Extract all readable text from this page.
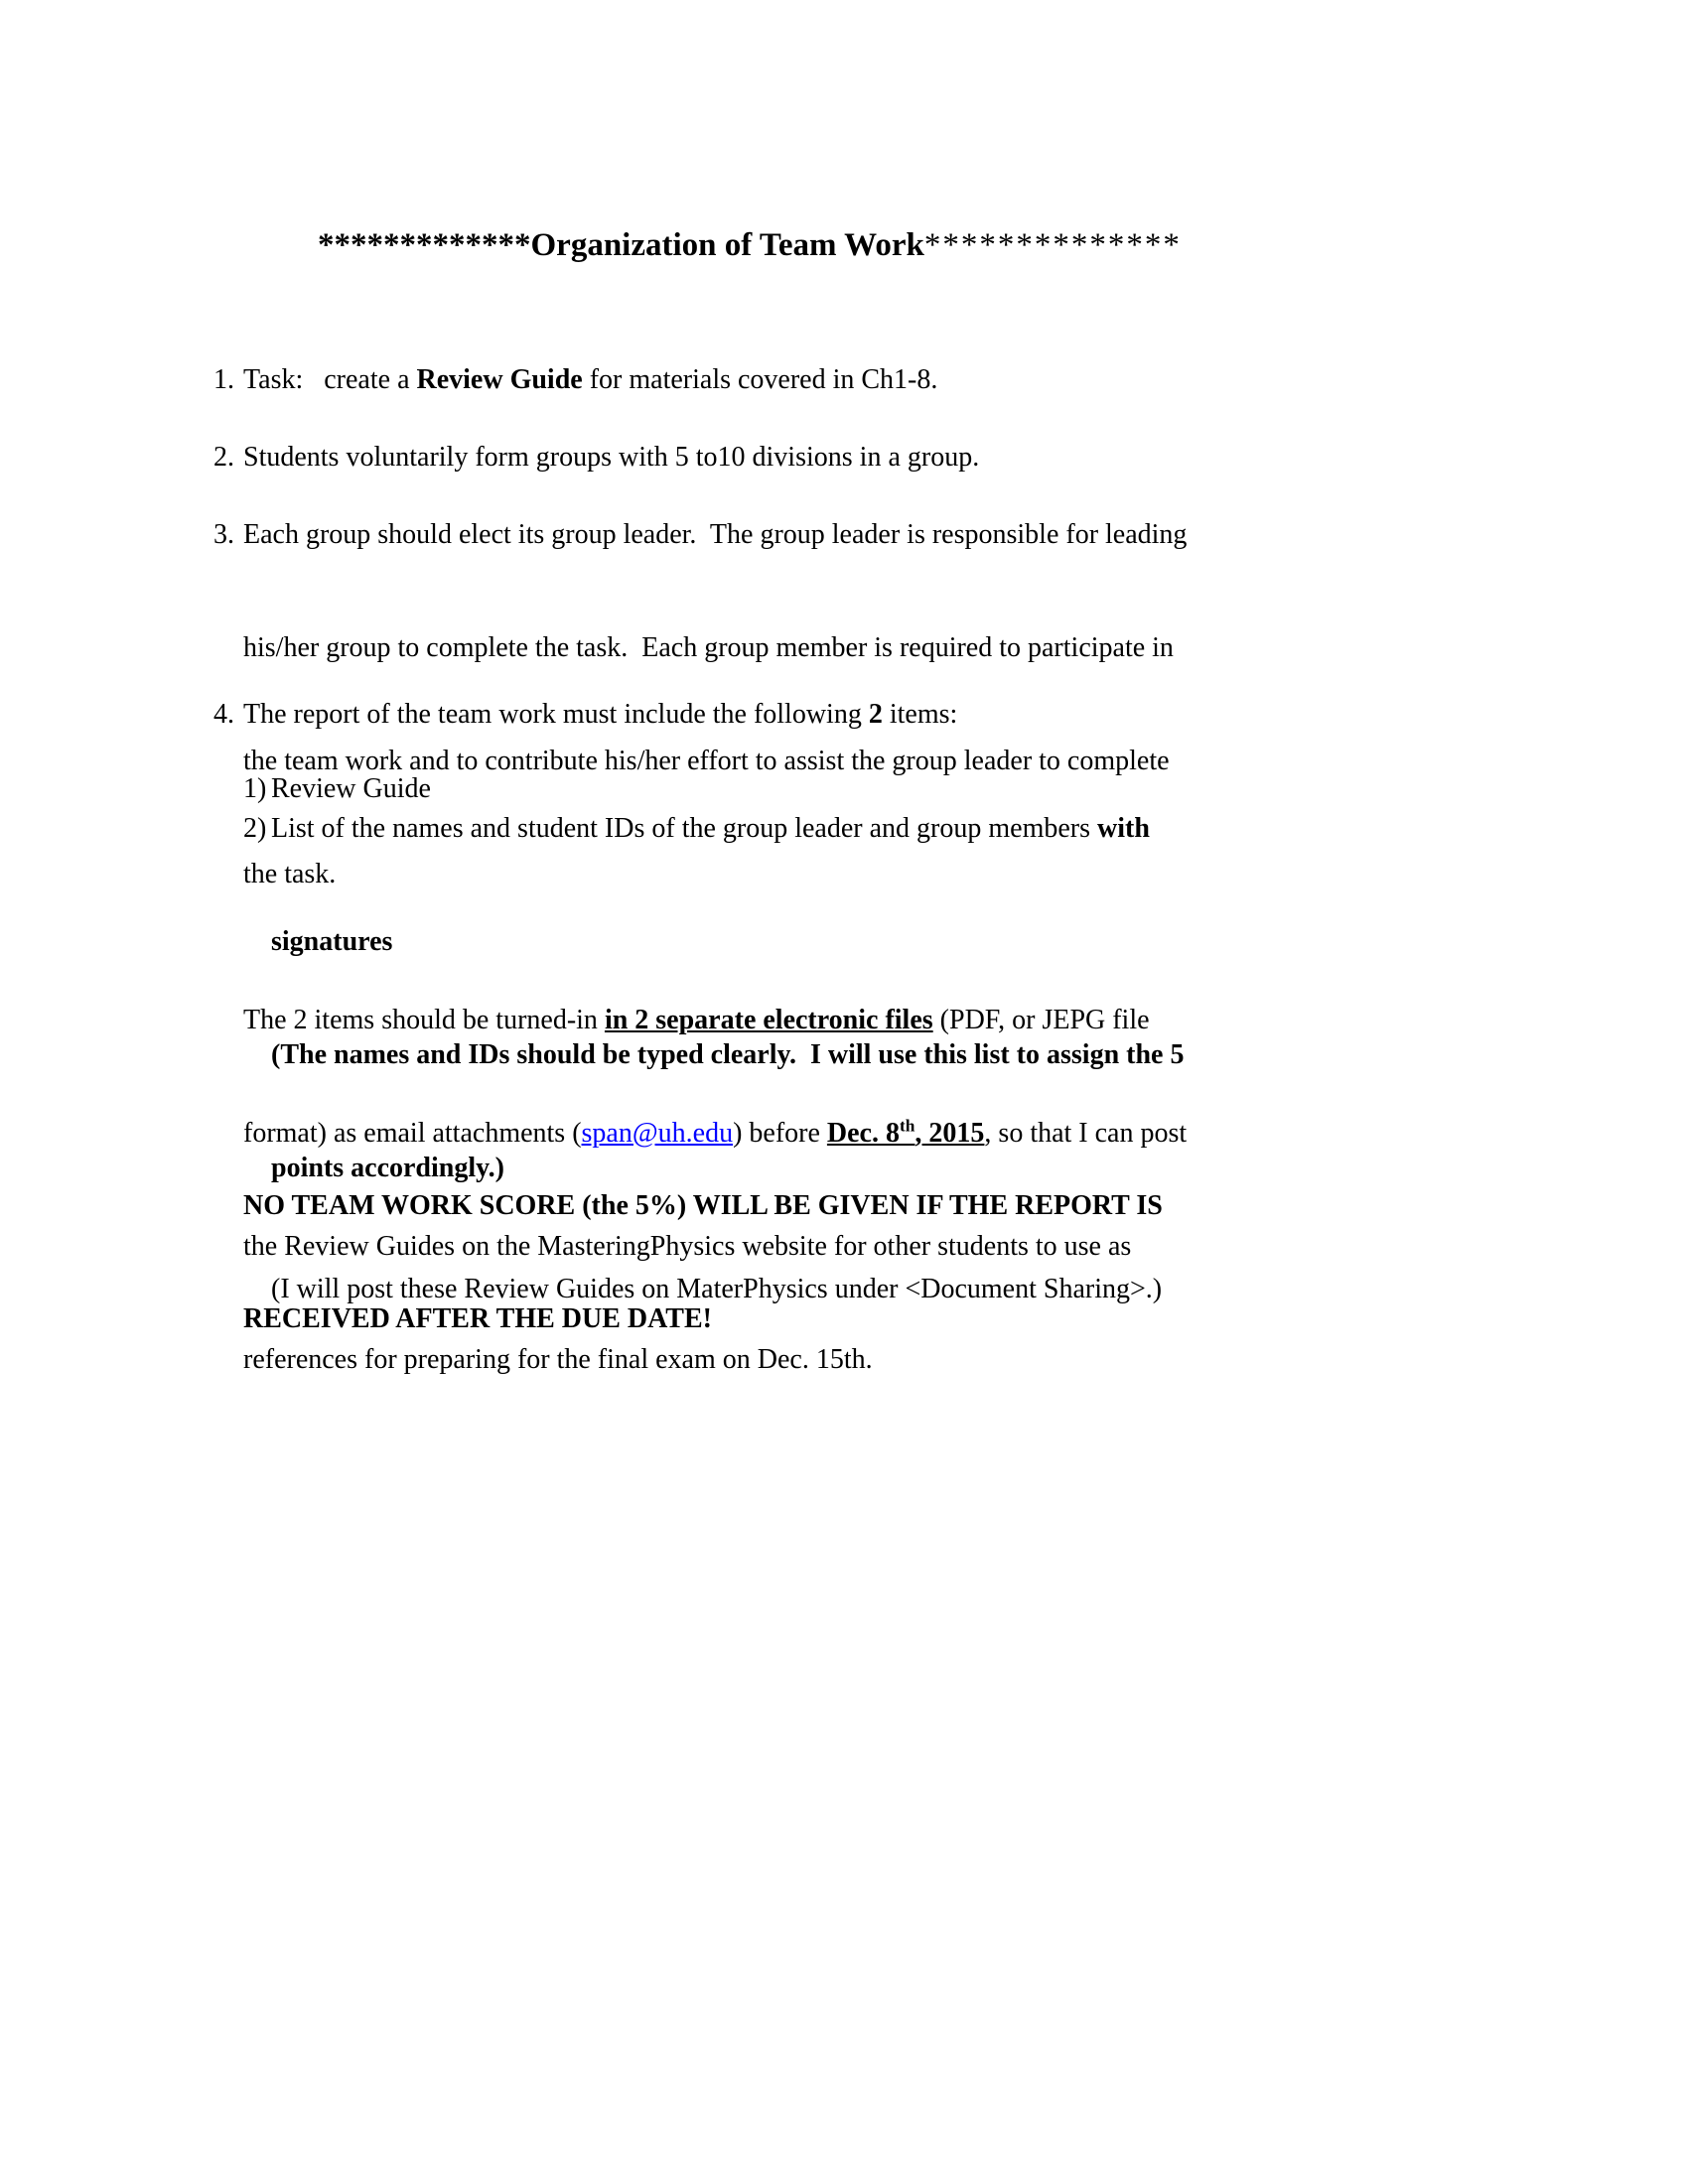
*************Organization of Team Work**************

1. Task:   create a Review Guide for materials covered in Ch1-8.

2. Students voluntarily form groups with 5 to10 divisions in a group.

3. Each group should elect its group leader.  The group leader is responsible for leading

his/her group to complete the task.  Each group member is required to participate in

the team work and to contribute his/her effort to assist the group leader to complete

the task.

4. The report of the team work must include the following 2 items:

1) Review Guide

2) List of the names and student IDs of the group leader and group members with

signatures

(The names and IDs should be typed clearly.  I will use this list to assign the 5

points accordingly.)

The 2 items should be turned-in in 2 separate electronic files (PDF, or JEPG file

format) as email attachments (span@uh.edu) before Dec. 8th, 2015, so that I can post

the Review Guides on the MasteringPhysics website for other students to use as

references for preparing for the final exam on Dec. 15th.

NO TEAM WORK SCORE (the 5%) WILL BE GIVEN IF THE REPORT IS

RECEIVED AFTER THE DUE DATE!

(I will post these Review Guides on MaterPhysics under <Document Sharing>.)
